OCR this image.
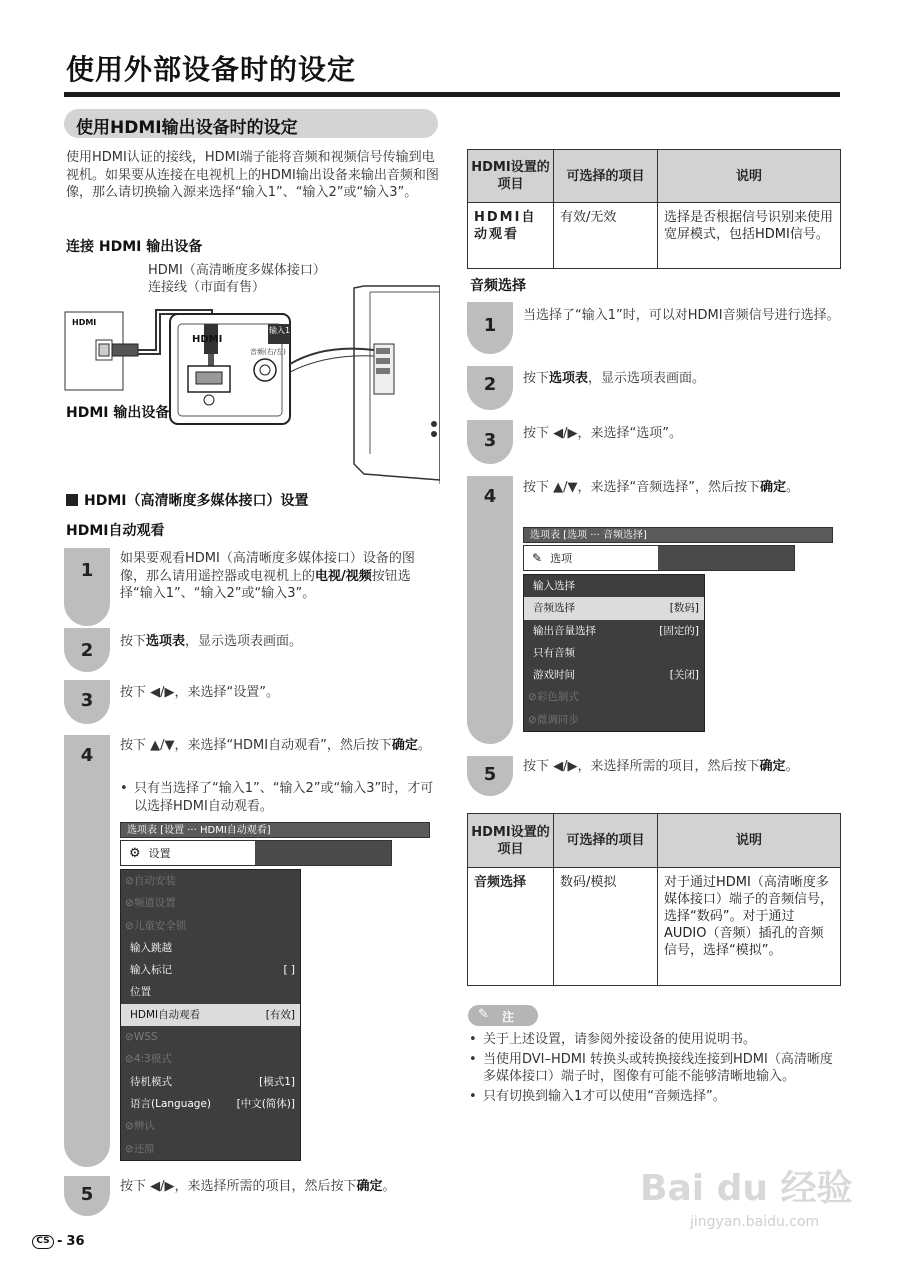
使用外部设备时的设定
使用HDMI输出设备时的设定
使用HDMI认证的接线，HDMI端子能将音频和视频信号传输到电视机。如果要从连接在电视机上的HDMI输出设备来输出音频和图像，那么请切换输入源来选择“输入1”、“输入2”或“输入3”。
连接 HDMI 输出设备
HDMI（高清晰度多媒体接口）连接线（市面有售）
HDMI
HDMI
输入1
音频(右/左)
HDMI 输出设备
HDMI（高清晰度多媒体接口）设置
HDMI自动观看
1
2
3
4
5
如果要观看HDMI（高清晰度多媒体接口）设备的图像，那么请用遥控器或电视机上的电视/视频按钮选择“输入1”、“输入2”或“输入3”。
按下选项表，显示选项表画面。
按下 ◀/▶，来选择“设置”。
按下 ▲/▼，来选择“HDMI自动观看”，然后按下确定。
• 只有当选择了“输入1”、“输入2”或“输入3”时，才可以选择HDMI自动观看。
选项表 [设置 ··· HDMI自动观看]
⚙ 设置
⊘自动安装
⊘频道设置
⊘儿童安全锁
输入跳越
输入标记	[ ]
位置
HDMI自动观看	[有效]
⊘WSS
⊘4:3模式
待机模式	[模式1]
语言(Language) [中文(简体)]
⊘辨认
⊘还原
按下 ◀/▶，来选择所需的项目，然后按下确定。
CS - 36
HDMI设置的项目	可选择的项目	说明
HDMI自动观看	有效/无效	选择是否根据信号识别来使用宽屏模式，包括HDMI信号。
音频选择
1
2
3
4
5
当选择了“输入1”时，可以对HDMI音频信号进行选择。
按下选项表，显示选项表画面。
按下 ◀/▶，来选择“选项”。
按下 ▲/▼，来选择“音频选择”，然后按下确定。
选项表 [选项 ··· 音频选择]
✎ 选项
输入选择
音频选择	[数码]
输出音量选择	[固定的]
只有音频
游戏时间	[关闭]
⊘彩色制式
⊘微调同步
按下 ◀/▶，来选择所需的项目，然后按下确定。
HDMI设置的项目	可选择的项目	说明
音频选择	数码/模拟	对于通过HDMI（高清晰度多媒体接口）端子的音频信号，选择“数码”。对于通过AUDIO（音频）插孔的音频信号，选择“模拟”。
✎ 注
• 关于上述设置，请参阅外接设备的使用说明书。
• 当使用DVI–HDMI 转换头或转换接线连接到HDMI（高清晰度多媒体接口）端子时，图像有可能不能够清晰地输入。
• 只有切换到输入1才可以使用“音频选择”。
Bai du 经验
jingyan.baidu.com
